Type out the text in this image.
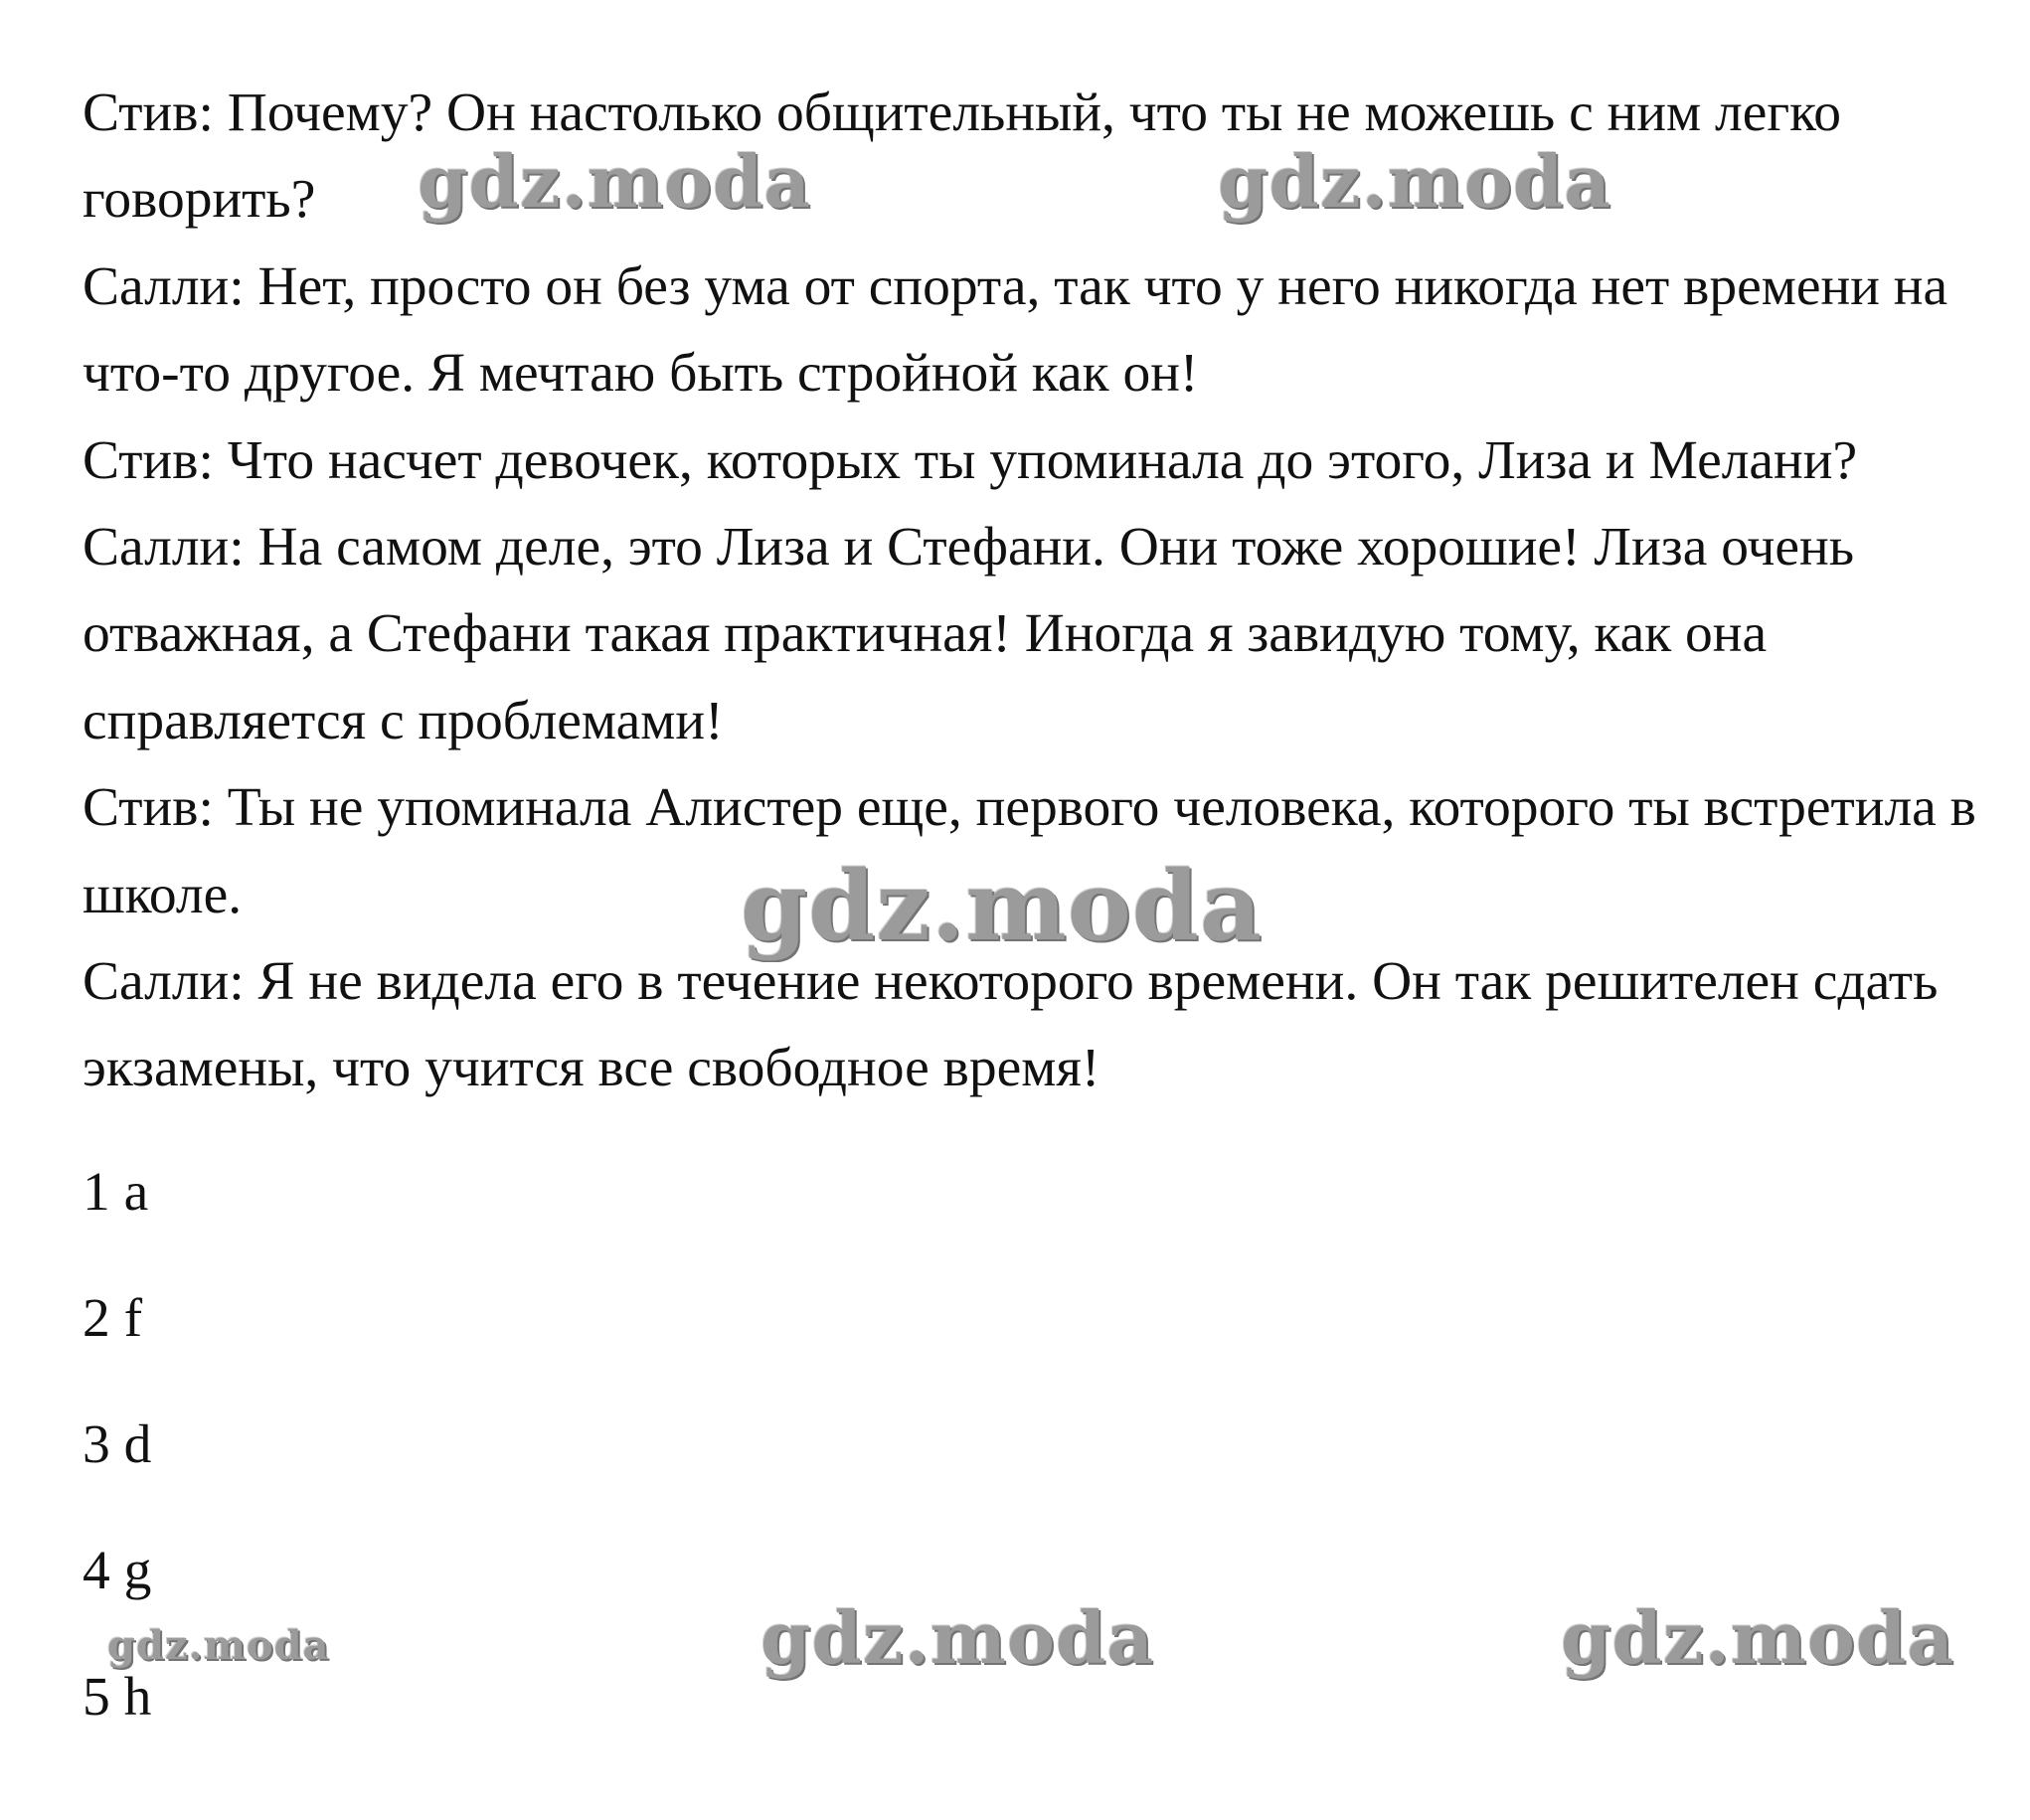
Стив: Почему? Он настолько общительный, что ты не можешь с ним легко говорить?

Салли: Нет, просто он без ума от спорта, так что у него никогда нет времени на что-то другое. Я мечтаю быть стройной как он!

Стив: Что насчет девочек, которых ты упоминала до этого, Лиза и Мелани?

Салли: На самом деле, это Лиза и Стефани. Они тоже хорошие! Лиза очень отважная, а Стефани такая практичная! Иногда я завидую тому, как она справляется с проблемами!

Стив: Ты не упоминала Алистер еще, первого человека, которого ты встретила в школе.

Салли: Я не видела его в течение некоторого времени. Он так решителен сдать экзамены, что учится все свободное время!

1 a
2 f
3 d
4 g
5 h
gdz.moda	gdz.moda
gdz.moda
gdz.moda	gdz.moda
gdz.moda
